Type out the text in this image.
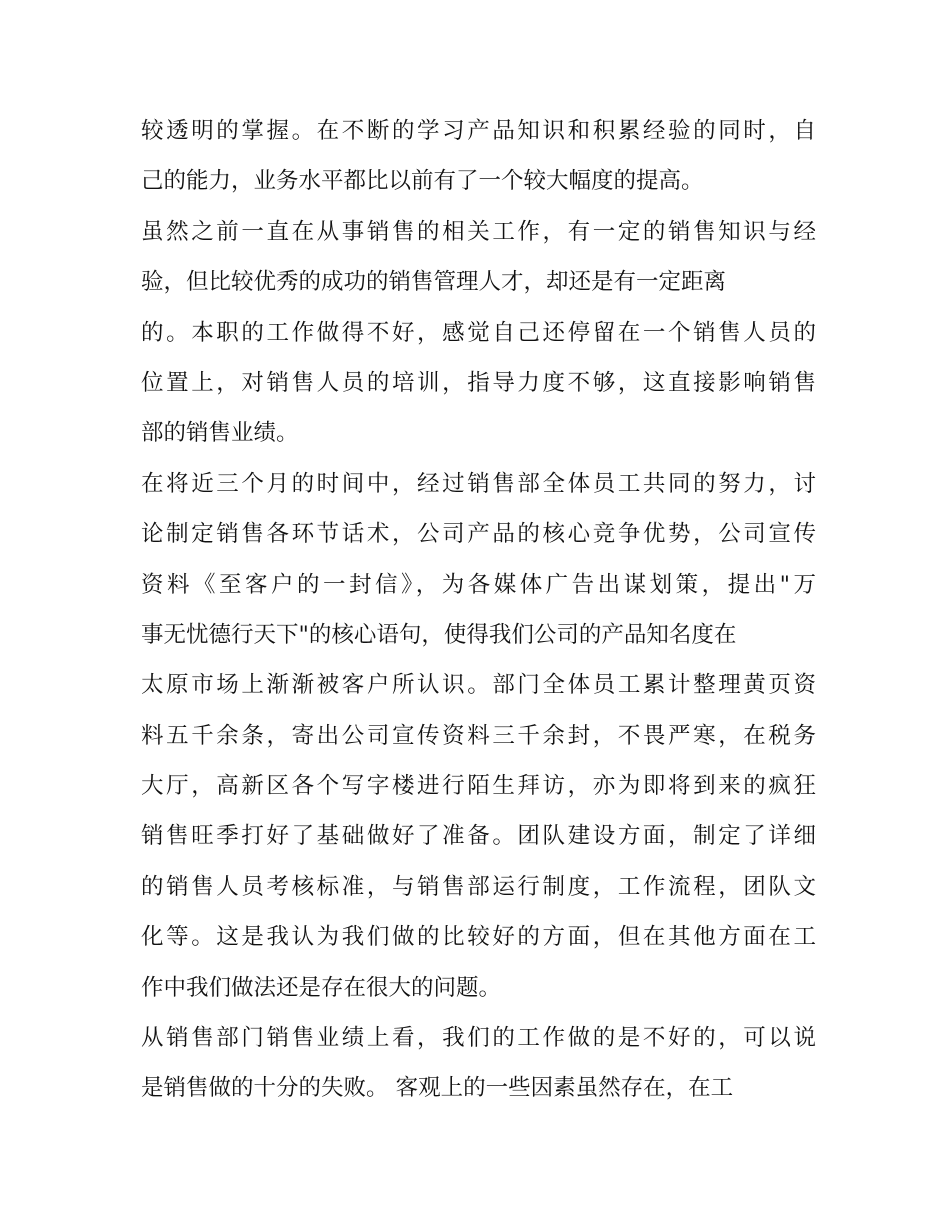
较透明的掌握。在不断的学习产品知识和积累经验的同时，自
己的能力，业务水平都比以前有了一个较大幅度的提高。
虽然之前一直在从事销售的相关工作，有一定的销售知识与经
验，但比较优秀的成功的销售管理人才，却还是有一定距离
的。本职的工作做得不好，感觉自己还停留在一个销售人员的
位置上，对销售人员的培训，指导力度不够，这直接影响销售
部的销售业绩。
在将近三个月的时间中，经过销售部全体员工共同的努力，讨
论制定销售各环节话术，公司产品的核心竞争优势，公司宣传
资料《至客户的一封信》，为各媒体广告出谋划策，提出"万
事无忧德行天下"的核心语句，使得我们公司的产品知名度在
太原市场上渐渐被客户所认识。部门全体员工累计整理黄页资
料五千余条，寄出公司宣传资料三千余封，不畏严寒，在税务
大厅，高新区各个写字楼进行陌生拜访，亦为即将到来的疯狂
销售旺季打好了基础做好了准备。团队建设方面，制定了详细
的销售人员考核标准，与销售部运行制度，工作流程，团队文
化等。这是我认为我们做的比较好的方面，但在其他方面在工
作中我们做法还是存在很大的问题。
从销售部门销售业绩上看，我们的工作做的是不好的，可以说
是销售做的十分的失败。 客观上的一些因素虽然存在，在工
